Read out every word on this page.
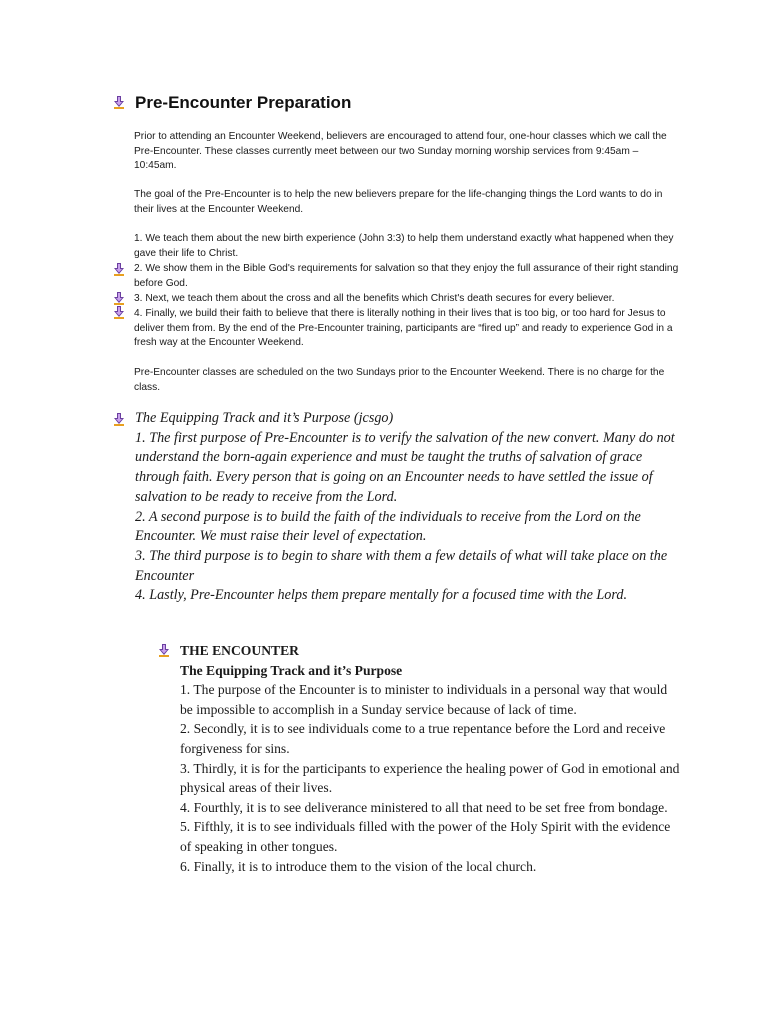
Pre-Encounter Preparation

Prior to attending an Encounter Weekend, believers are encouraged to attend four, one-hour classes which we call the Pre-Encounter. These classes currently meet between our two Sunday morning worship services from 9:45am – 10:45am.

The goal of the Pre-Encounter is to help the new believers prepare for the life-changing things the Lord wants to do in their lives at the Encounter Weekend.

1. We teach them about the new birth experience (John 3:3) to help them understand exactly what happened when they gave their life to Christ.

2. We show them in the Bible God's requirements for salvation so that they enjoy the full assurance of their right standing before God.

3. Next, we teach them about the cross and all the benefits which Christ's death secures for every believer.

4. Finally, we build their faith to believe that there is literally nothing in their lives that is too big, or too hard for Jesus to deliver them from. By the end of the Pre-Encounter training, participants are “fired up” and ready to experience God in a fresh way at the Encounter Weekend.

Pre-Encounter classes are scheduled on the two Sundays prior to the Encounter Weekend. There is no charge for the class.

The Equipping Track and it’s Purpose (jcsgo)

1. The first purpose of Pre-Encounter is to verify the salvation of the new convert. Many do not understand the born-again experience and must be taught the truths of salvation of grace through faith. Every person that is going on an Encounter needs to have settled the issue of salvation to be ready to receive from the Lord.

2. A second purpose is to build the faith of the individuals to receive from the Lord on the Encounter. We must raise their level of expectation.

3. The third purpose is to begin to share with them a few details of what will take place on the Encounter

4. Lastly, Pre-Encounter helps them prepare mentally for a focused time with the Lord.

THE ENCOUNTER

The Equipping Track and it’s Purpose

1. The purpose of the Encounter is to minister to individuals in a personal way that would be impossible to accomplish in a Sunday service because of lack of time.

2. Secondly, it is to see individuals come to a true repentance before the Lord and receive forgiveness for sins.

3. Thirdly, it is for the participants to experience the healing power of God in emotional and physical areas of their lives.

4. Fourthly, it is to see deliverance ministered to all that need to be set free from bondage.

5. Fifthly, it is to see individuals filled with the power of the Holy Spirit with the evidence of speaking in other tongues.

6. Finally, it is to introduce them to the vision of the local church.
